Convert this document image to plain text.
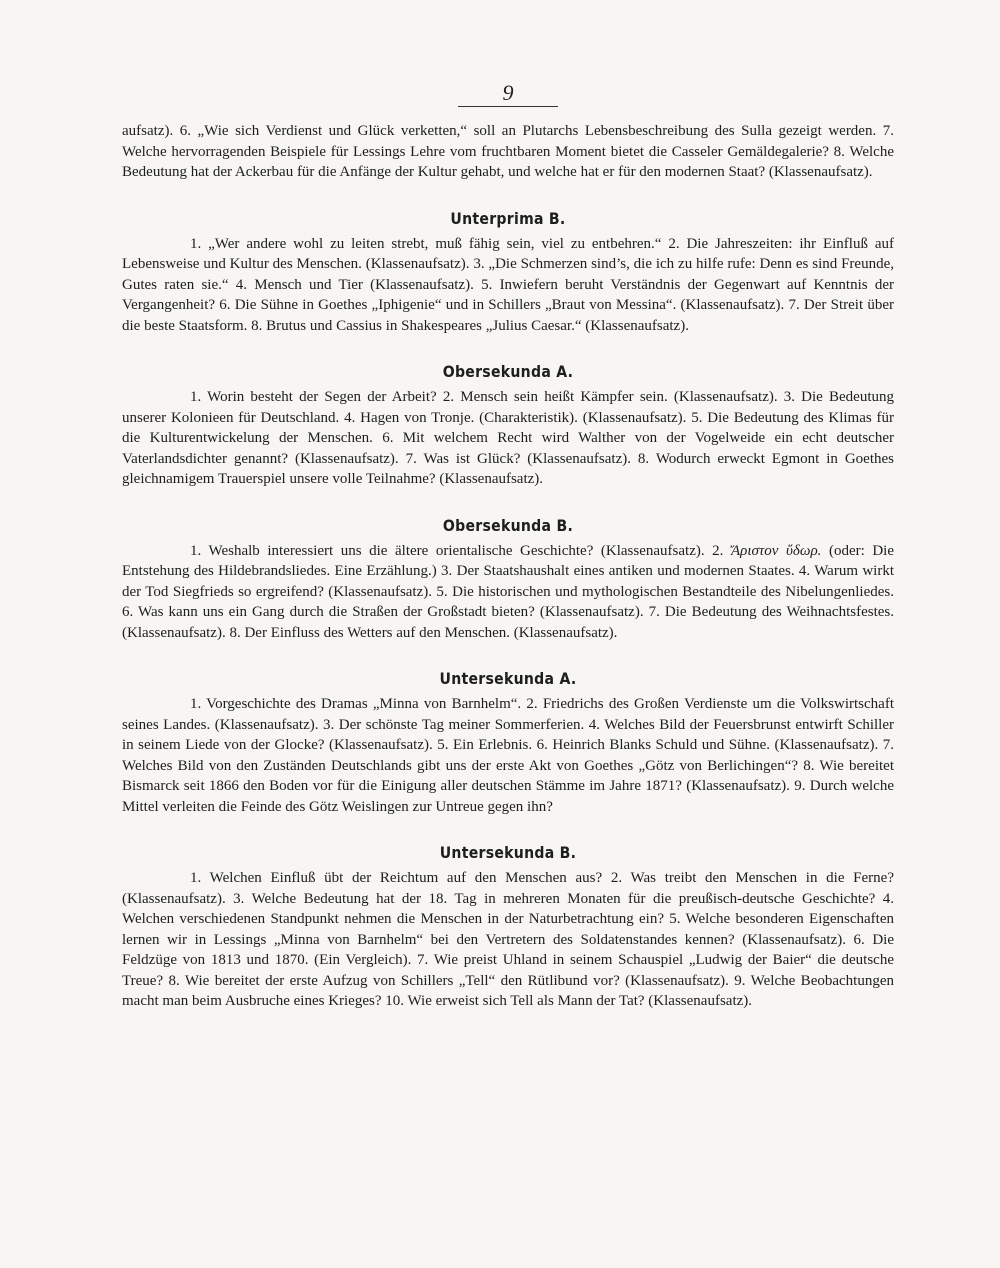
9

aufsatz). 6. „Wie sich Verdienst und Glück verketten,“ soll an Plutarchs Lebensbeschreibung des Sulla gezeigt werden. 7. Welche hervorragenden Beispiele für Lessings Lehre vom fruchtbaren Moment bietet die Casseler Gemäldegalerie? 8. Welche Bedeutung hat der Ackerbau für die Anfänge der Kultur gehabt, und welche hat er für den modernen Staat? (Klassenaufsatz).

Unterprima B.

1. „Wer andere wohl zu leiten strebt, muß fähig sein, viel zu entbehren.“ 2. Die Jahreszeiten: ihr Einfluß auf Lebensweise und Kultur des Menschen. (Klassenaufsatz). 3. „Die Schmerzen sind’s, die ich zu hilfe rufe: Denn es sind Freunde, Gutes raten sie.“ 4. Mensch und Tier (Klassenaufsatz). 5. Inwiefern beruht Verständnis der Gegenwart auf Kenntnis der Vergangenheit? 6. Die Sühne in Goethes „Iphigenie“ und in Schillers „Braut von Messina“. (Klassenaufsatz). 7. Der Streit über die beste Staatsform. 8. Brutus und Cassius in Shakespeares „Julius Caesar.“ (Klassenaufsatz).

Obersekunda A.

1. Worin besteht der Segen der Arbeit? 2. Mensch sein heißt Kämpfer sein. (Klassenaufsatz). 3. Die Bedeutung unserer Kolonieen für Deutschland. 4. Hagen von Tronje. (Charakteristik). (Klassenaufsatz). 5. Die Bedeutung des Klimas für die Kulturentwickelung der Menschen. 6. Mit welchem Recht wird Walther von der Vogelweide ein echt deutscher Vaterlandsdichter genannt? (Klassenaufsatz). 7. Was ist Glück? (Klassenaufsatz). 8. Wodurch erweckt Egmont in Goethes gleichnamigem Trauerspiel unsere volle Teilnahme? (Klassenaufsatz).

Obersekunda B.

1. Weshalb interessiert uns die ältere orientalische Geschichte? (Klassenaufsatz). 2. Ἄριστον ὕδωρ. (oder: Die Entstehung des Hildebrandsliedes. Eine Erzählung.) 3. Der Staatshaushalt eines antiken und modernen Staates. 4. Warum wirkt der Tod Siegfrieds so ergreifend? (Klassenaufsatz). 5. Die historischen und mythologischen Bestandteile des Nibelungenliedes. 6. Was kann uns ein Gang durch die Straßen der Großstadt bieten? (Klassenaufsatz). 7. Die Bedeutung des Weihnachtsfestes. (Klassenaufsatz). 8. Der Einfluss des Wetters auf den Menschen. (Klassenaufsatz).

Untersekunda A.

1. Vorgeschichte des Dramas „Minna von Barnhelm“. 2. Friedrichs des Großen Verdienste um die Volkswirtschaft seines Landes. (Klassenaufsatz). 3. Der schönste Tag meiner Sommerferien. 4. Welches Bild der Feuersbrunst entwirft Schiller in seinem Liede von der Glocke? (Klassenaufsatz). 5. Ein Erlebnis. 6. Heinrich Blanks Schuld und Sühne. (Klassenaufsatz). 7. Welches Bild von den Zuständen Deutschlands gibt uns der erste Akt von Goethes „Götz von Berlichingen“? 8. Wie bereitet Bismarck seit 1866 den Boden vor für die Einigung aller deutschen Stämme im Jahre 1871? (Klassenaufsatz). 9. Durch welche Mittel verleiten die Feinde des Götz Weislingen zur Untreue gegen ihn?

Untersekunda B.

1. Welchen Einfluß übt der Reichtum auf den Menschen aus? 2. Was treibt den Menschen in die Ferne? (Klassenaufsatz). 3. Welche Bedeutung hat der 18. Tag in mehreren Monaten für die preußisch-deutsche Geschichte? 4. Welchen verschiedenen Standpunkt nehmen die Menschen in der Naturbetrachtung ein? 5. Welche besonderen Eigenschaften lernen wir in Lessings „Minna von Barnhelm“ bei den Vertretern des Soldatenstandes kennen? (Klassenaufsatz). 6. Die Feldzüge von 1813 und 1870. (Ein Vergleich). 7. Wie preist Uhland in seinem Schauspiel „Ludwig der Baier“ die deutsche Treue? 8. Wie bereitet der erste Aufzug von Schillers „Tell“ den Rütlibund vor? (Klassenaufsatz). 9. Welche Beobachtungen macht man beim Ausbruche eines Krieges? 10. Wie erweist sich Tell als Mann der Tat? (Klassenaufsatz).
